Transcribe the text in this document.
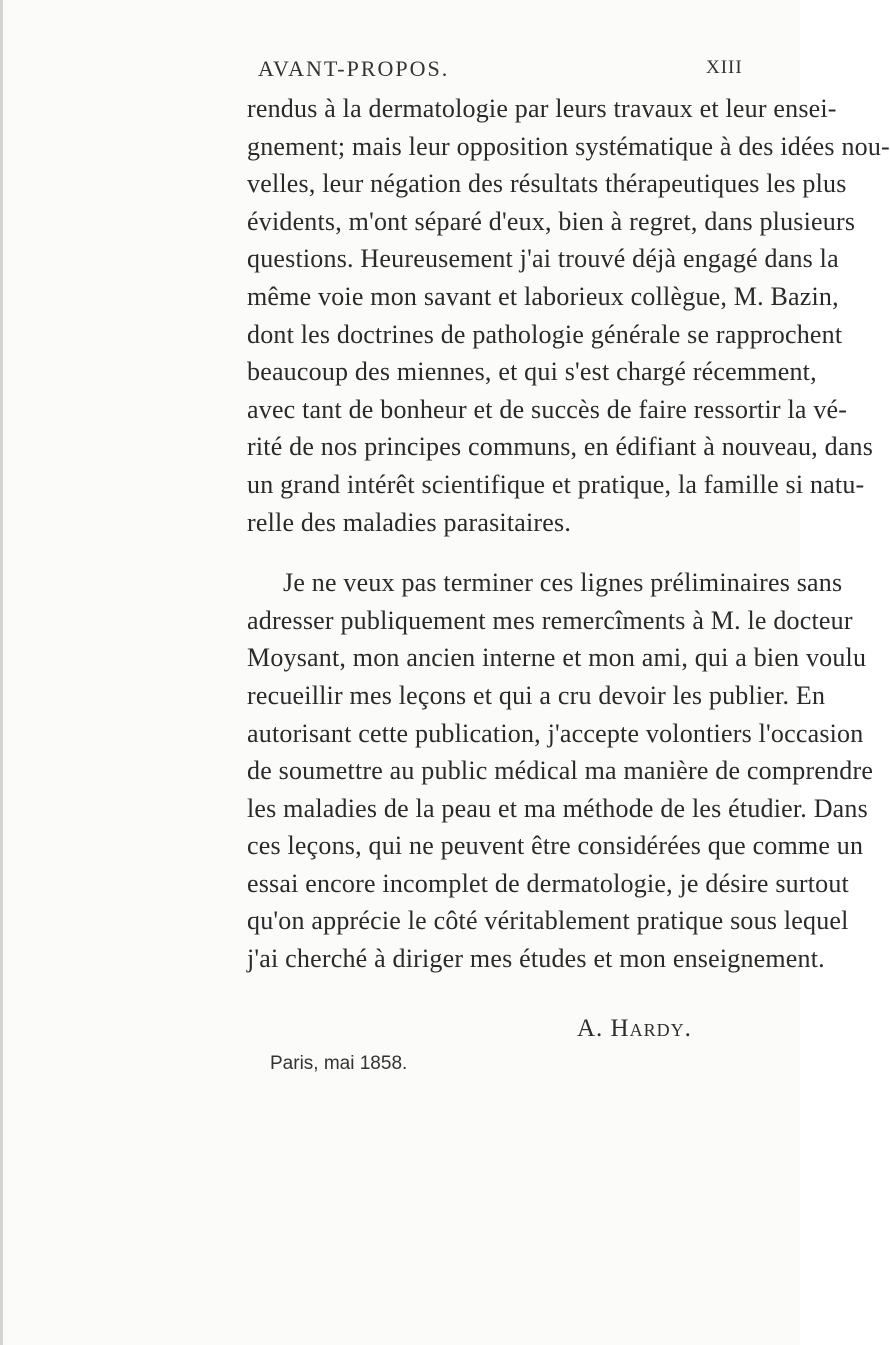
AVANT-PROPOS.	XIII
rendus à la dermatologie par leurs travaux et leur ensei-
gnement; mais leur opposition systématique à des idées nou-
velles, leur négation des résultats thérapeutiques les plus
évidents, m'ont séparé d'eux, bien à regret, dans plusieurs
questions. Heureusement j'ai trouvé déjà engagé dans la
même voie mon savant et laborieux collègue, M. Bazin,
dont les doctrines de pathologie générale se rapprochent
beaucoup des miennes, et qui s'est chargé récemment,
avec tant de bonheur et de succès de faire ressortir la vé-
rité de nos principes communs, en édifiant à nouveau, dans
un grand intérêt scientifique et pratique, la famille si natu-
relle des maladies parasitaires.
Je ne veux pas terminer ces lignes préliminaires sans
adresser publiquement mes remercîments à M. le docteur
Moysant, mon ancien interne et mon ami, qui a bien voulu
recueillir mes leçons et qui a cru devoir les publier. En
autorisant cette publication, j'accepte volontiers l'occasion
de soumettre au public médical ma manière de comprendre
les maladies de la peau et ma méthode de les étudier. Dans
ces leçons, qui ne peuvent être considérées que comme un
essai encore incomplet de dermatologie, je désire surtout
qu'on apprécie le côté véritablement pratique sous lequel
j'ai cherché à diriger mes études et mon enseignement.
A. Hardy.
Paris, mai 1858.
